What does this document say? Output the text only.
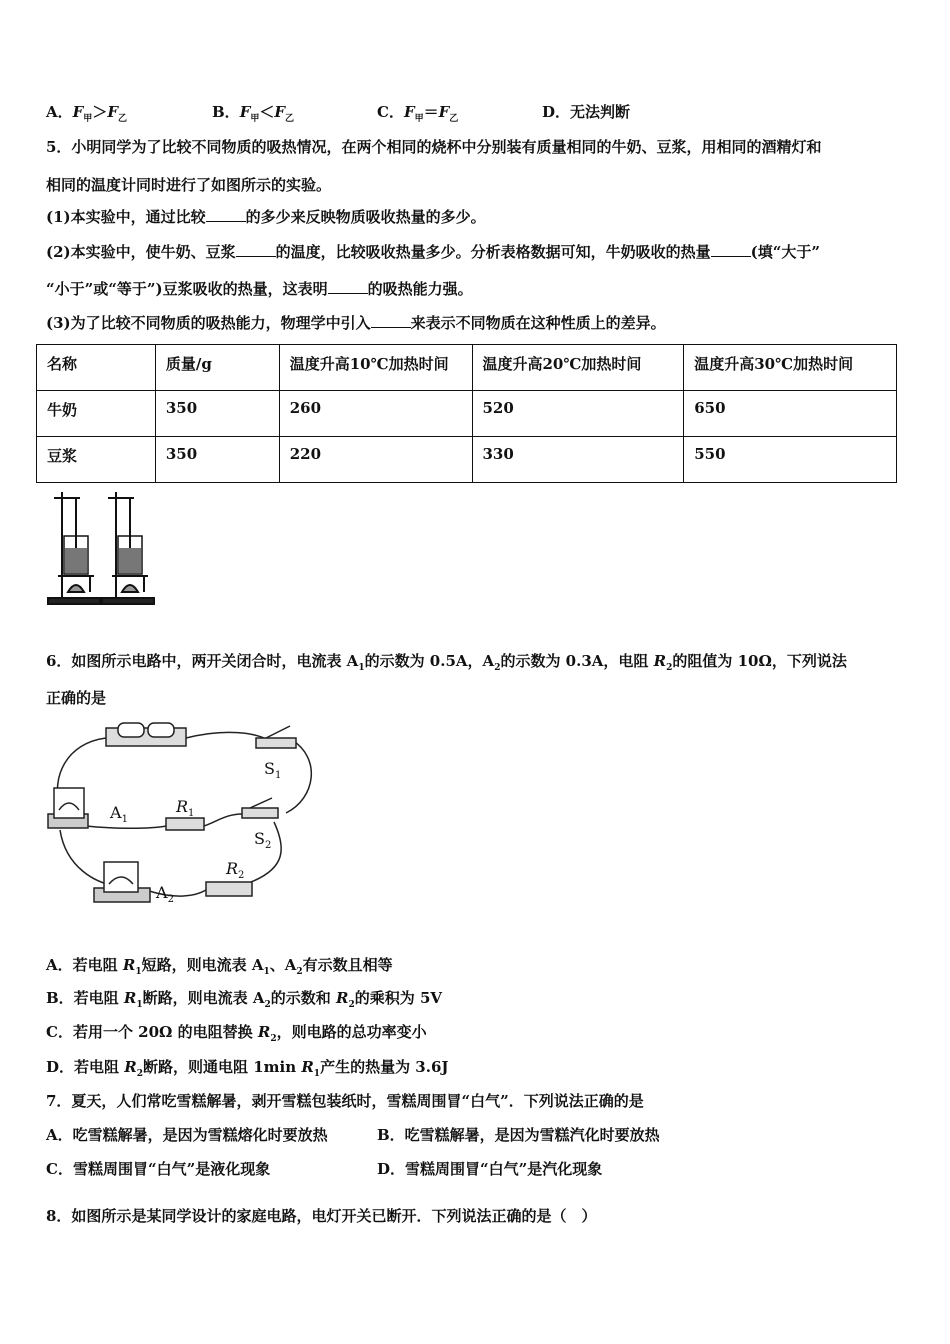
A．$F_甲>F_乙$	B．$F_甲<F_乙$	C．$F_甲=F_乙$	D．无法判断
5．小明同学为了比较不同物质的吸热情况，在两个相同的烧杯中分别装有质量相同的牛奶、豆浆，用相同的酒精灯和
相同的温度计同时进行了如图所示的实验。
(1)本实验中，通过比较	的多少来反映物质吸收热量的多少。
(2)本实验中，使牛奶、豆浆	的温度，比较吸收热量多少。分析表格数据可知，牛奶吸收的热量	(填“大于”
“小于”或“等于”)豆浆吸收的热量，这表明	的吸热能力强。
(3)为了比较不同物质的吸热能力，物理学中引入	来表示不同物质在这种性质上的差异。
名称	质量/g	温度升高10℃加热时间	温度升高20℃加热时间	温度升高30℃加热时间
牛奶	350	260	520	650
豆浆	350	220	330	550
6．如图所示电路中，两开关闭合时，电流表 $A_1$的示数为 0.5A，$A_2$的示数为 0.3A，电阻 $R_2$的阻值为 10Ω，下列说法
正确的是
$S_1$
$S_2$
$A_1$
$A_2$
$R_1$
$R_2$
A．若电阻 $R_1$短路，则电流表 $A_1$、$A_2$有示数且相等
B．若电阻 $R_1$断路，则电流表 $A_2$的示数和 $R_2$的乘积为 5V
C．若用一个 20Ω 的电阻替换 $R_2$，则电路的总功率变小
D．若电阻 $R_2$断路，则通电阻 1min $R_1$产生的热量为 3.6J
7．夏天，人们常吃雪糕解暑，剥开雪糕包装纸时，雪糕周围冒“白气”．下列说法正确的是
A．吃雪糕解暑，是因为雪糕熔化时要放热	B．吃雪糕解暑，是因为雪糕汽化时要放热
C．雪糕周围冒“白气”是液化现象	D．雪糕周围冒“白气”是汽化现象
8．如图所示是某同学设计的家庭电路，电灯开关已断开．下列说法正确的是（　）
